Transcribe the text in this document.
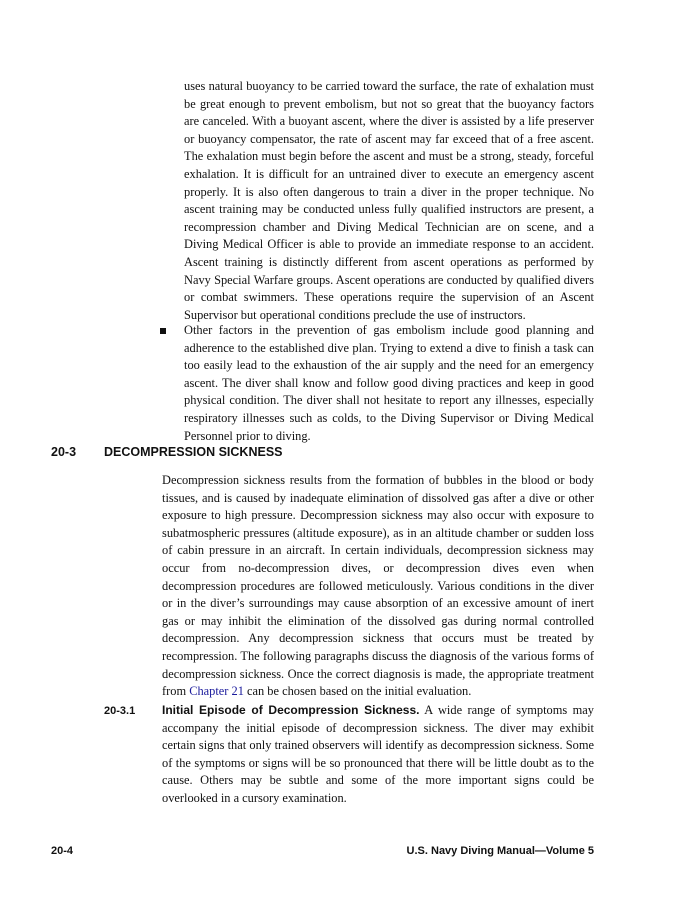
uses natural buoyancy to be carried toward the surface, the rate of exhalation must be great enough to prevent embolism, but not so great that the buoyancy factors are canceled. With a buoyant ascent, where the diver is assisted by a life preserver or buoyancy compensator, the rate of ascent may far exceed that of a free ascent. The exhalation must begin before the ascent and must be a strong, steady, forceful exhalation. It is difficult for an untrained diver to execute an emergency ascent properly. It is also often dangerous to train a diver in the proper technique. No ascent training may be conducted unless fully qualified instructors are present, a recompression chamber and Diving Medical Technician are on scene, and a Diving Medical Officer is able to provide an immediate response to an accident. Ascent training is distinctly different from ascent operations as performed by Navy Special Warfare groups. Ascent operations are conducted by qualified divers or combat swimmers. These operations require the supervision of an Ascent Supervisor but operational conditions preclude the use of instructors.

Other factors in the prevention of gas embolism include good planning and adherence to the established dive plan. Trying to extend a dive to finish a task can too easily lead to the exhaustion of the air supply and the need for an emergency ascent. The diver shall know and follow good diving practices and keep in good physical condition. The diver shall not hesitate to report any illnesses, especially respiratory illnesses such as colds, to the Diving Supervisor or Diving Medical Personnel prior to diving.

20-3 DECOMPRESSION SICKNESS

Decompression sickness results from the formation of bubbles in the blood or body tissues, and is caused by inadequate elimination of dissolved gas after a dive or other exposure to high pressure. Decompression sickness may also occur with exposure to subatmospheric pressures (altitude exposure), as in an altitude chamber or sudden loss of cabin pressure in an aircraft. In certain individuals, decompression sickness may occur from no-decompression dives, or decompression dives even when decompression procedures are followed meticulously. Various conditions in the diver or in the diver’s surroundings may cause absorption of an excessive amount of inert gas or may inhibit the elimination of the dissolved gas during normal controlled decompression. Any decompression sickness that occurs must be treated by recompression. The following paragraphs discuss the diagnosis of the various forms of decompression sickness. Once the correct diagnosis is made, the appropriate treatment from Chapter 21 can be chosen based on the initial evaluation.

20-3.1 Initial Episode of Decompression Sickness. A wide range of symptoms may accompany the initial episode of decompression sickness. The diver may exhibit certain signs that only trained observers will identify as decompression sickness. Some of the symptoms or signs will be so pronounced that there will be little doubt as to the cause. Others may be subtle and some of the more important signs could be overlooked in a cursory examination.

20-4	U.S. Navy Diving Manual—Volume 5
